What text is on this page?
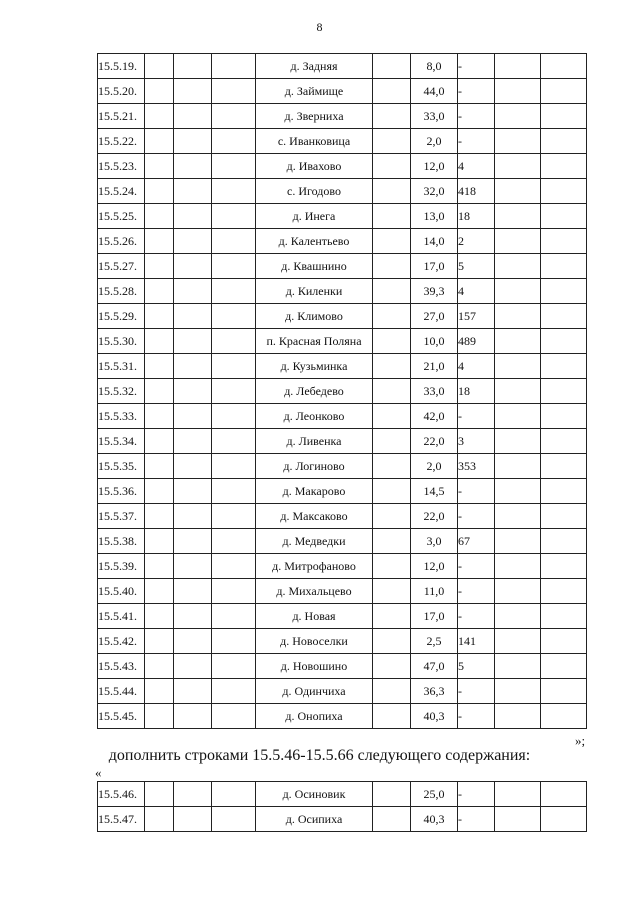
8
15.5.19.				д. Задняя		8,0	-		
15.5.20.				д. Займище		44,0	-		
15.5.21.				д. Зверниха		33,0	-		
15.5.22.				с. Иванковица		2,0	-		
15.5.23.				д. Ивахово		12,0	4		
15.5.24.				с. Игодово		32,0	418		
15.5.25.				д. Инега		13,0	18		
15.5.26.				д. Калентьево		14,0	2		
15.5.27.				д. Квашнино		17,0	5		
15.5.28.				д. Киленки		39,3	4		
15.5.29.				д. Климово		27,0	157		
15.5.30.				п. Красная Поляна		10,0	489		
15.5.31.				д. Кузьминка		21,0	4		
15.5.32.				д. Лебедево		33,0	18		
15.5.33.				д. Леонково		42,0	-		
15.5.34.				д. Ливенка		22,0	3		
15.5.35.				д. Логиново		2,0	353		
15.5.36.				д. Макарово		14,5	-		
15.5.37.				д. Максаково		22,0	-		
15.5.38.				д. Медведки		3,0	67		
15.5.39.				д. Митрофаново		12,0	-		
15.5.40.				д. Михальцево		11,0	-		
15.5.41.				д. Новая		17,0	-		
15.5.42.				д. Новоселки		2,5	141		
15.5.43.				д. Новошино		47,0	5		
15.5.44.				д. Одинчиха		36,3	-		
15.5.45.				д. Онопиха		40,3	-		
»;
дополнить строками 15.5.46-15.5.66 следующего содержания:
«
15.5.46.				д. Осиновик		25,0	-		
15.5.47.				д. Осипиха		40,3	-		
